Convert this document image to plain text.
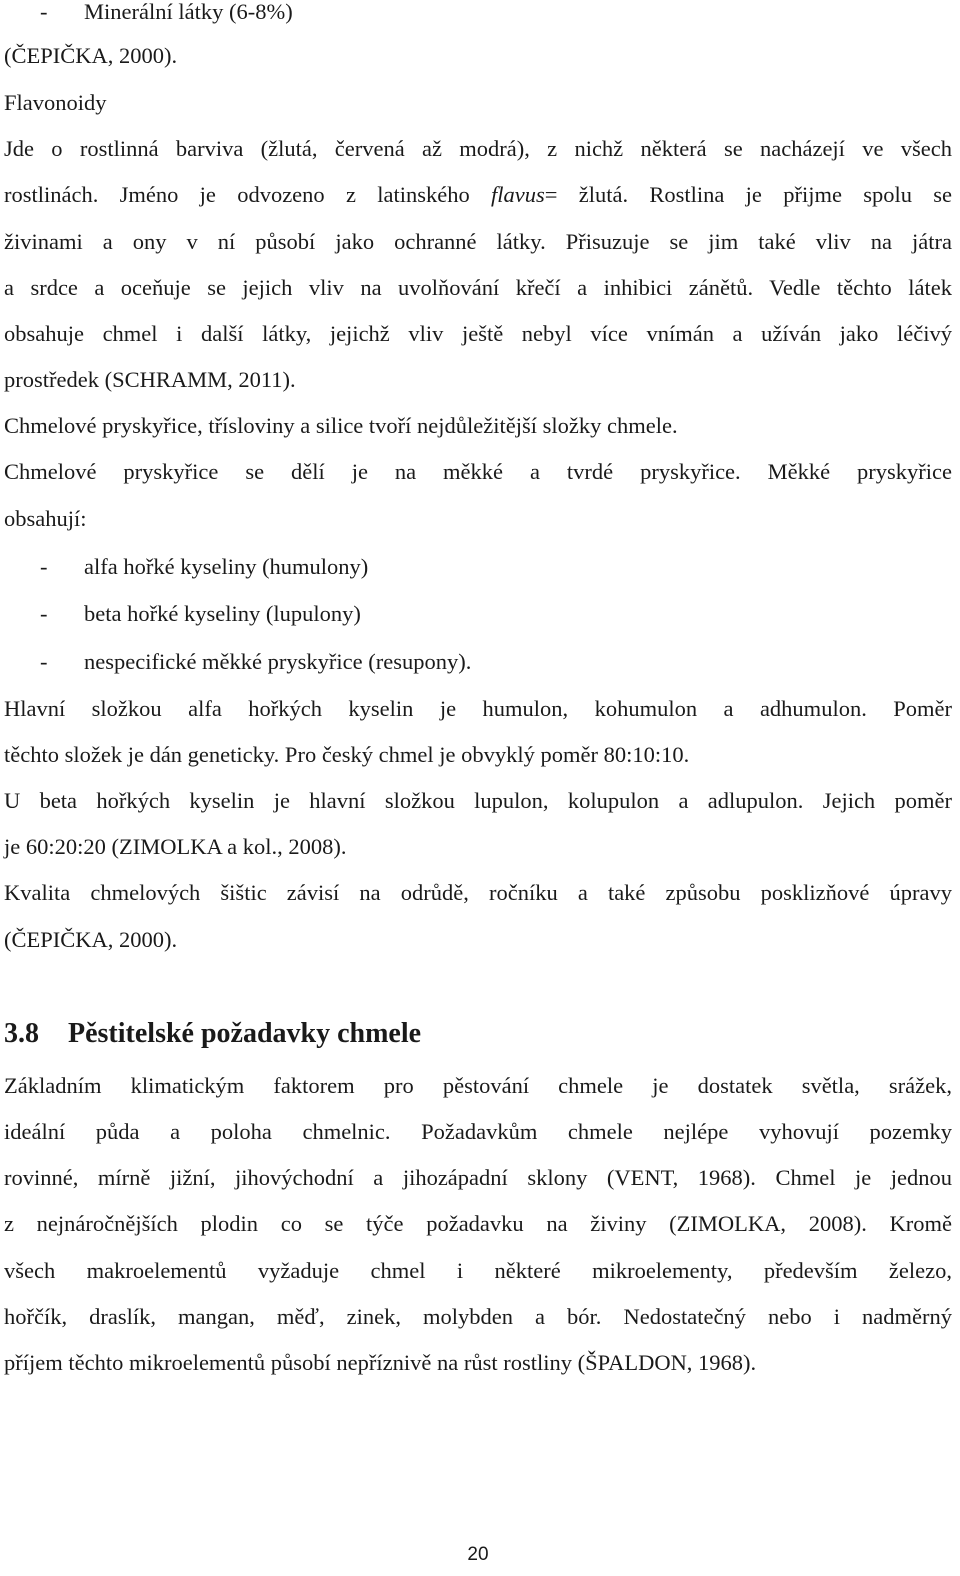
- Minerální látky (6-8%)
(ČEPIČKA, 2000).
Flavonoidy
Jde o rostlinná barviva (žlutá, červená až modrá), z nichž některá se nacházejí ve všech
rostlinách. Jméno je odvozeno z latinského flavus= žlutá. Rostlina je přijme spolu se
živinami a ony v ní působí jako ochranné látky. Přisuzuje se jim také vliv na játra
a srdce a oceňuje se jejich vliv na uvolňování křečí a inhibici zánětů. Vedle těchto látek
obsahuje chmel i další látky, jejichž vliv ještě nebyl více vnímán a užíván jako léčivý
prostředek (SCHRAMM, 2011).
Chmelové pryskyřice, třísloviny a silice tvoří nejdůležitější složky chmele.
Chmelové pryskyřice se dělí je na měkké a tvrdé pryskyřice. Měkké pryskyřice
obsahují:
- alfa hořké kyseliny (humulony)
- beta hořké kyseliny (lupulony)
- nespecifické měkké pryskyřice (resupony).
Hlavní složkou alfa hořkých kyselin je humulon, kohumulon a adhumulon. Poměr
těchto složek je dán geneticky. Pro český chmel je obvyklý poměr 80:10:10.
U beta hořkých kyselin je hlavní složkou lupulon, kolupulon a adlupulon. Jejich poměr
je 60:20:20 (ZIMOLKA a kol., 2008).
Kvalita chmelových šištic závisí na odrůdě, ročníku a také způsobu posklizňové úpravy
(ČEPIČKA, 2000).
3.8 Pěstitelské požadavky chmele
Základním klimatickým faktorem pro pěstování chmele je dostatek světla, srážek,
ideální půda a poloha chmelnic. Požadavkům chmele nejlépe vyhovují pozemky
rovinné, mírně jižní, jihovýchodní a jihozápadní sklony (VENT, 1968). Chmel je jednou
z nejnáročnějších plodin co se týče požadavku na živiny (ZIMOLKA, 2008). Kromě
všech makroelementů vyžaduje chmel i některé mikroelementy, především železo,
hořčík, draslík, mangan, měď, zinek, molybden a bór. Nedostatečný nebo i nadměrný
příjem těchto mikroelementů působí nepříznivě na růst rostliny (ŠPALDON, 1968).
20
